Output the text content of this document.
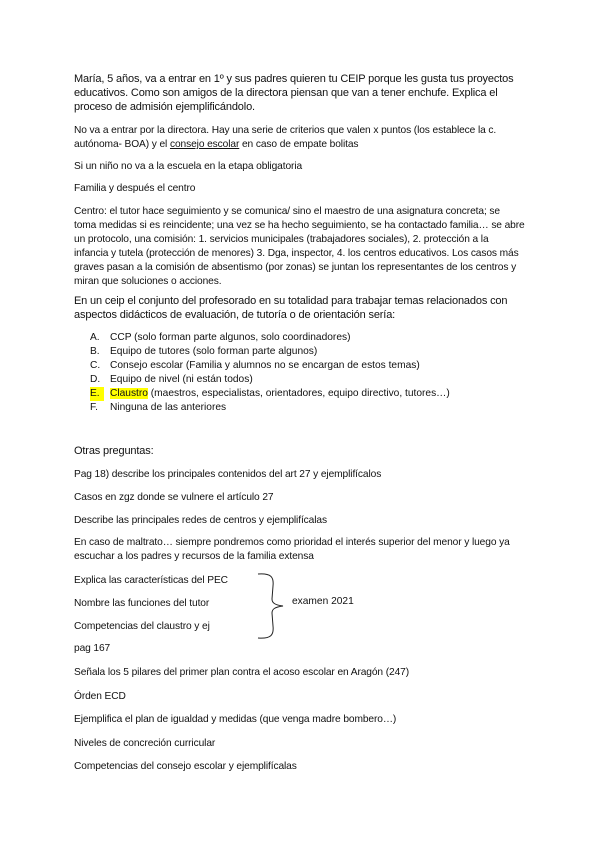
María, 5 años, va a entrar en 1º y sus padres quieren tu CEIP porque les gusta tus proyectos

educativos. Como son amigos de la directora piensan que van a tener enchufe. Explica el

proceso de admisión ejemplificándolo.

No va a entrar por la directora. Hay una serie de criterios que valen x puntos (los establece la c.

autónoma- BOA) y el consejo escolar en caso de empate bolitas

Si un niño no va a la escuela en la etapa obligatoria

Familia y después el centro

Centro: el tutor hace seguimiento y se comunica/ sino el maestro de una asignatura concreta; se

toma medidas si es reincidente; una vez se ha hecho seguimiento, se ha contactado familia… se abre

un protocolo, una comisión: 1. servicios municipales (trabajadores sociales), 2. protección a la

infancia y tutela (protección de menores) 3. Dga, inspector, 4. los centros educativos. Los casos más

graves pasan a la comisión de absentismo (por zonas) se juntan los representantes de los centros y

miran que soluciones o acciones.

En un ceip el conjunto del profesorado en su totalidad para trabajar temas relacionados con

aspectos didácticos de evaluación, de tutoría o de orientación sería:

A.	CCP (solo forman parte algunos, solo coordinadores)
B.	Equipo de tutores (solo forman parte algunos)
C. Consejo escolar (Familia y alumnos no se encargan de estos temas)
D. Equipo de nivel (ni están todos)
E.	Claustro (maestros, especialistas, orientadores, equipo directivo, tutores…)
F.	Ninguna de las anteriores

Otras preguntas:

Pag 18) describe los principales contenidos del art 27 y ejemplifícalos

Casos en zgz donde se vulnere el artículo 27

Describe las principales redes de centros y ejemplifícalas

En caso de maltrato… siempre pondremos como prioridad el interés superior del menor y luego ya

escuchar a los padres y recursos de la familia extensa

Explica las características del PEC

Nombre las funciones del tutor

Competencias del claustro y ej

examen 2021

pag 167

Señala los 5 pilares del primer plan contra el acoso escolar en Aragón (247)

Órden ECD

Ejemplifica el plan de igualdad y medidas (que venga madre bombero…)

Niveles de concreción curricular

Competencias del consejo escolar y ejemplifícalas
